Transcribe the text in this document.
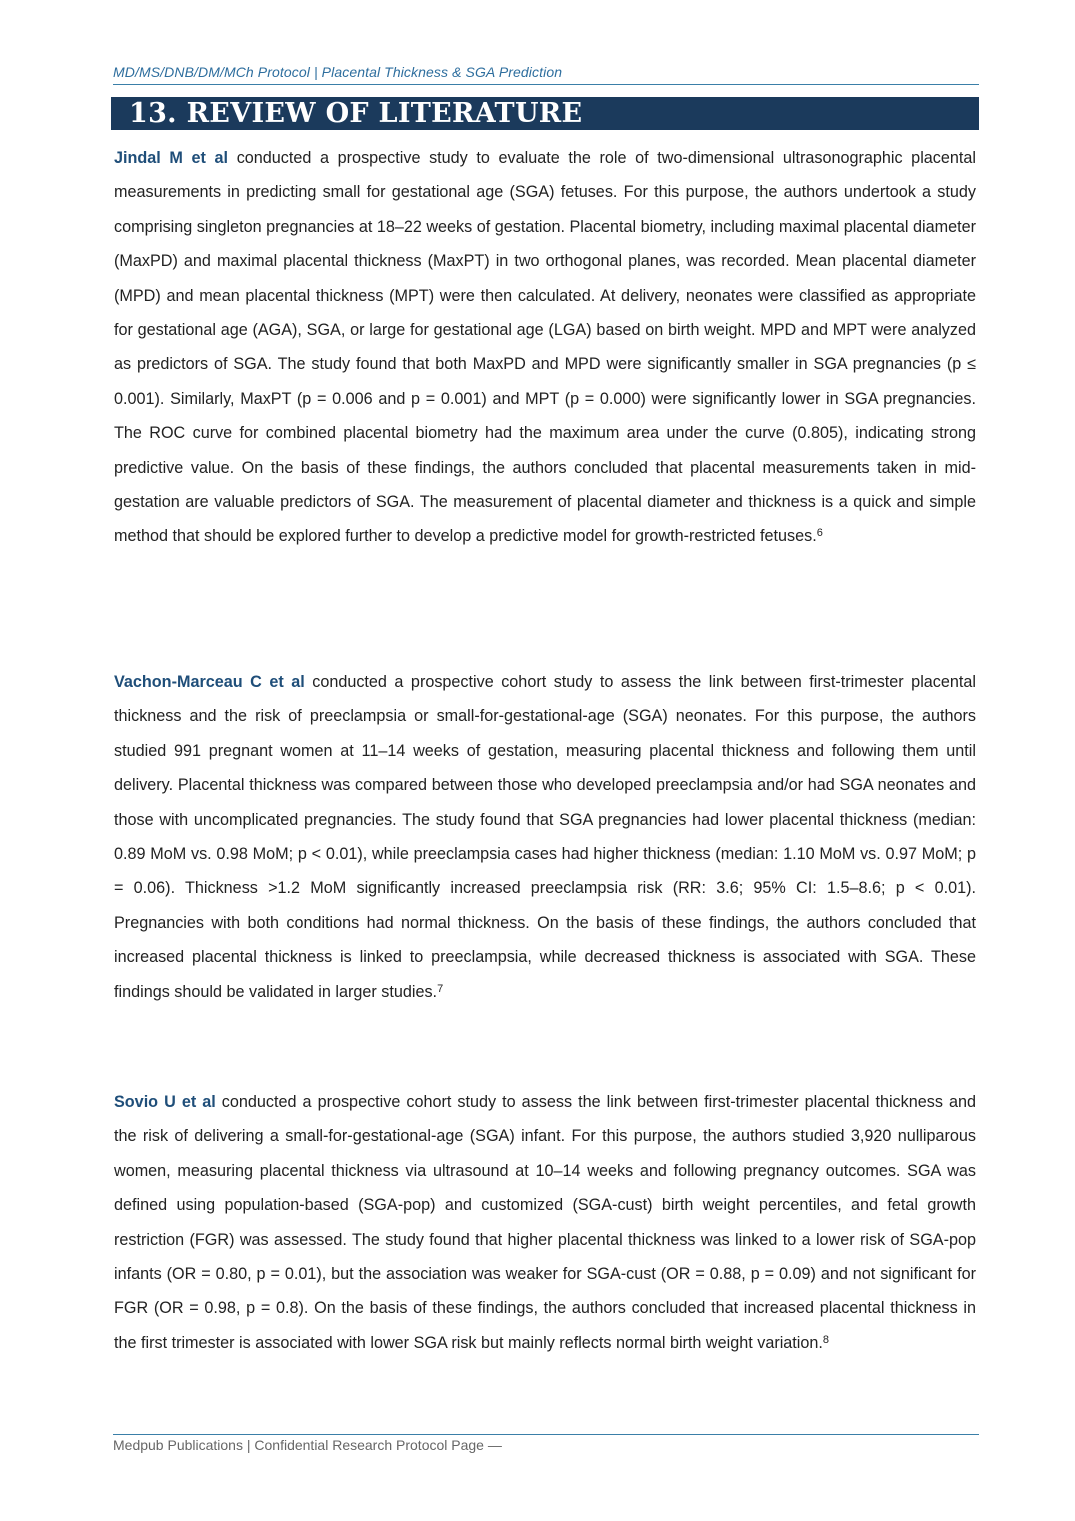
MD/MS/DNB/DM/MCh Protocol | Placental Thickness & SGA Prediction
13. REVIEW OF LITERATURE

Jindal M et al conducted a prospective study to evaluate the role of two-dimensional ultrasonographic placental measurements in predicting small for gestational age (SGA) fetuses. For this purpose, the authors undertook a study comprising singleton pregnancies at 18–22 weeks of gestation. Placental biometry, including maximal placental diameter (MaxPD) and maximal placental thickness (MaxPT) in two orthogonal planes, was recorded. Mean placental diameter (MPD) and mean placental thickness (MPT) were then calculated. At delivery, neonates were classified as appropriate for gestational age (AGA), SGA, or large for gestational age (LGA) based on birth weight. MPD and MPT were analyzed as predictors of SGA. The study found that both MaxPD and MPD were significantly smaller in SGA pregnancies (p ≤ 0.001). Similarly, MaxPT (p = 0.006 and p = 0.001) and MPT (p = 0.000) were significantly lower in SGA pregnancies. The ROC curve for combined placental biometry had the maximum area under the curve (0.805), indicating strong predictive value. On the basis of these findings, the authors concluded that placental measurements taken in mid-gestation are valuable predictors of SGA. The measurement of placental diameter and thickness is a quick and simple method that should be explored further to develop a predictive model for growth-restricted fetuses.$^6$

Vachon-Marceau C et al conducted a prospective cohort study to assess the link between first-trimester placental thickness and the risk of preeclampsia or small-for-gestational-age (SGA) neonates. For this purpose, the authors studied 991 pregnant women at 11–14 weeks of gestation, measuring placental thickness and following them until delivery. Placental thickness was compared between those who developed preeclampsia and/or had SGA neonates and those with uncomplicated pregnancies. The study found that SGA pregnancies had lower placental thickness (median: 0.89 MoM vs. 0.98 MoM; p < 0.01), while preeclampsia cases had higher thickness (median: 1.10 MoM vs. 0.97 MoM; p = 0.06). Thickness >1.2 MoM significantly increased preeclampsia risk (RR: 3.6; 95% CI: 1.5–8.6; p < 0.01). Pregnancies with both conditions had normal thickness. On the basis of these findings, the authors concluded that increased placental thickness is linked to preeclampsia, while decreased thickness is associated with SGA. These findings should be validated in larger studies.$^7$

Sovio U et al conducted a prospective cohort study to assess the link between first-trimester placental thickness and the risk of delivering a small-for-gestational-age (SGA) infant. For this purpose, the authors studied 3,920 nulliparous women, measuring placental thickness via ultrasound at 10–14 weeks and following pregnancy outcomes. SGA was defined using population-based (SGA-pop) and customized (SGA-cust) birth weight percentiles, and fetal growth restriction (FGR) was assessed. The study found that higher placental thickness was linked to a lower risk of SGA-pop infants (OR = 0.80, p = 0.01), but the association was weaker for SGA-cust (OR = 0.88, p = 0.09) and not significant for FGR (OR = 0.98, p = 0.8). On the basis of these findings, the authors concluded that increased placental thickness in the first trimester is associated with lower SGA risk but mainly reflects normal birth weight variation.$^8$

Medpub Publications | Confidential Research Protocol Page —
